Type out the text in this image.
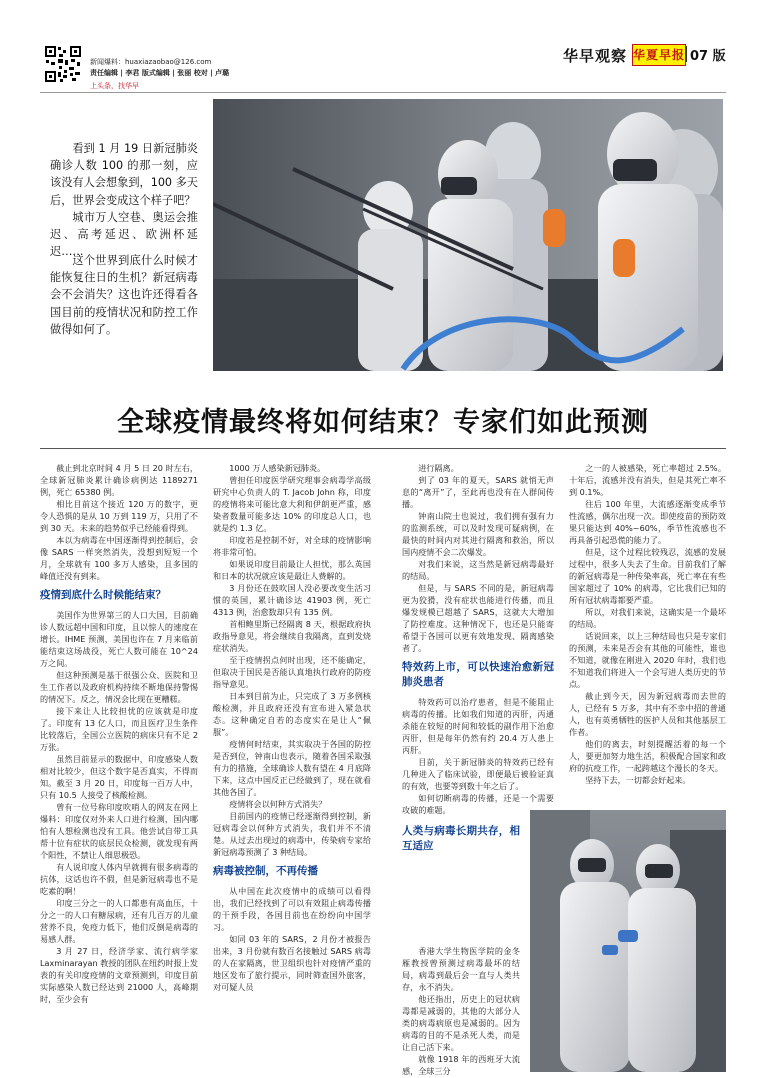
新闻爆料：huaxiazaobao@126.com
责任编辑 | 李君 版式编辑 | 张丽 校对 | 卢璐
上头条，找华早
华早观察 华夏早报 07 版
看到 1 月 19 日新冠肺炎确诊人数 100 的那一刻，应该没有人会想象到，100 多天后，世界会变成这个样子吧？
城市万人空巷、奥运会推迟、高考延迟、欧洲杯延迟……
这个世界到底什么时候才能恢复往日的生机？新冠病毒会不会消失？这也许还得看各国目前的疫情状况和防控工作做得如何了。
全球疫情最终将如何结束？专家们如此预测

截止到北京时间 4 月 5 日 20 时左右，全球新冠肺炎累计确诊病例达 1189271 例，死亡 65380 例。

相比目前这个接近 120 万的数字，更令人恐惧的是从 10 万到 119 万，只用了不到 30 天。未来的趋势似乎已经能看得到。

本以为病毒在中国逐渐得到控制后，会像 SARS 一样突然消失，没想到短短一个月，全球就有 100 多万人感染，且多国的峰值还没有到来。

疫情到底什么时候能结束？

美国作为世界第三的人口大国，目前确诊人数远超中国和印度，且以惊人的速度在增长。IHME 预测，美国也许在 7 月来临前能结束这场战役，死亡人数可能在 10^24 万之间。

但这种预测是基于很强公众、医院和卫生工作者以及政府机构持续不断地保持警惕的情况下。反之，情况会比现在更糟糕。

接下来让人比较担忧的应该就是印度了。印度有 13 亿人口，而且医疗卫生条件比较落后，全国公立医院的病床只有不足 2 万张。

虽然目前显示的数据中，印度感染人数相对比较少，但这个数字是否真实，不得而知。截至 3 月 20 日，印度每一百万人中，只有 10.5 人接受了核酸检测。

曾有一位号称印度吹哨人的网友在网上爆料：印度仅对外来人口进行检测，国内哪怕有人想检测也没有工具。他尝试自带工具帮十位有症状的底层民众检测，就发现有两个阳性，不禁让人细思极恐。

有人说印度人体内早就拥有很多病毒的抗体，这话也许不假，但是新冠病毒也不是吃素的啊！

印度三分之一的人口都患有高血压，十分之一的人口有糖尿病，还有几百万的儿童营养不良，免疫力低下，他们反倒是病毒的易感人群。

3 月 27 日，经济学家、流行病学家 Laxminarayan 教授的团队在纽约时报上发表的有关印度疫情的文章预测到，印度目前实际感染人数已经达到 21000 人，高峰期时，至少会有

1000 万人感染新冠肺炎。

曾担任印度医学研究理事会病毒学高级研究中心负责人的 T. Jacob John 称，印度的疫情将来可能比意大利和伊朗更严重，感染者数量可能多达 10% 的印度总人口，也就是约 1.3 亿。

印度若是控制不好，对全球的疫情影响将非常可怕。

如果说印度目前最让人担忧，那么英国和日本的状况就应该是最让人费解的。

3 月份还在鼓吹国人没必要改变生活习惯的英国，累计确诊达 41903 例，死亡 4313 例，治愈数却只有 135 例。

首相鲍里斯已经隔离 8 天，根据政府执政指导意见，将会继续自我隔离，直到发烧症状消失。

至于疫情拐点何时出现，还不能确定，但取决于国民是否能认真地执行政府的防疫指导意见。

日本到目前为止，只完成了 3 万多例核酸检测，并且政府还没有宣布进入紧急状态。这种确定自若的态度实在是让人“佩服”。

疫情何时结束，其实取决于各国的防控是否到位，钟南山也表示，随着各国采取强有力的措施，全球确诊人数有望在 4 月底降下来，这点中国反正已经做到了，现在就看其他各国了。

疫情将会以何种方式消失？

目前国内的疫情已经逐渐得到控制，新冠病毒会以何种方式消失，我们并不不清楚。从过去出现过的病毒中，传染病专家给新冠病毒预测了 3 种结局。

病毒被控制，不再传播

从中国在此次疫情中的成绩可以看得出，我们已经找到了可以有效阻止病毒传播的干预手段，各国目前也在纷纷向中国学习。

如同 03 年的 SARS，2 月份才被报告出来，3 月份就有数百名接触过 SARS 病毒的人在家隔离，世卫组织也针对疫情严重的地区发布了旅行提示，同时筛查国外旅客，对可疑人员

进行隔离。

到了 03 年的夏天，SARS 就悄无声息的“离开”了，至此再也没有在人群间传播。

钟南山院士也说过，我们拥有强有力的监测系统，可以及时发现可疑病例，在最快的时间内对其进行隔离和救治，所以国内疫情不会二次爆发。

对我们来说，这当然是新冠病毒最好的结局。

但是，与 SARS 不同的是，新冠病毒更为狡猾，没有症状也能进行传播，而且爆发规模已超越了 SARS，这就大大增加了防控难度。这种情况下，也还是只能寄希望于各国可以更有效地发现、隔离感染者了。

特效药上市，可以快速治愈新冠肺炎患者

特效药可以治疗患者，但是不能阻止病毒的传播。比如我们知道的丙肝，丙通杀能在较短的时间和较低的副作用下治愈丙肝，但是每年仍然有约 20.4 万人患上丙肝。

目前，关于新冠肺炎的特效药已经有几种进入了临床试验，即便最后被验证真的有效，也要等到数十年之后了。

如何切断病毒的传播，还是一个需要攻破的难题。

人类与病毒长期共存，相互适应

香港大学生物医学院的金冬雁教授曾预测过病毒最坏的结局，病毒到最后会一直与人类共存，永不消失。

他还指出，历史上的冠状病毒都是减弱的，其他的大部分人类的病毒病原也是减弱的。因为病毒的目的不是杀死人类，而是让自己活下来。

就像 1918 年的西班牙大流感，全球三分

之一的人被感染，死亡率超过 2.5%。十年后，流感并没有消失，但是其死亡率不到 0.1%。

往后 100 年里，大流感逐渐变成季节性流感，偶尔出现一次。即使疫苗的预防效果只能达到 40%~60%，季节性流感也不再具备引起恐慌的能力了。

但是，这个过程比较残忍，流感的发展过程中，很多人失去了生命。目前我们了解的新冠病毒是一种传染率高，死亡率在有些国家超过了 10% 的病毒，它比我们已知的所有冠状病毒都要严重。

所以，对我们来说，这确实是一个最坏的结局。

话说回来，以上三种结局也只是专家们的预测，未来是否会有其他的可能性，谁也不知道，就像在刚进入 2020 年时，我们也不知道我们将进入一个会写进人类历史的节点。

截止到今天，因为新冠病毒而去世的人，已经有 5 万多，其中有不幸中招的普通人，也有英勇牺牲的医护人员和其他基层工作者。

他们的离去，时刻提醒活着的每一个人，要更加努力地生活，积极配合国家和政府的抗疫工作，一起跨越这个漫长的冬天。

坚持下去，一切都会好起来。
